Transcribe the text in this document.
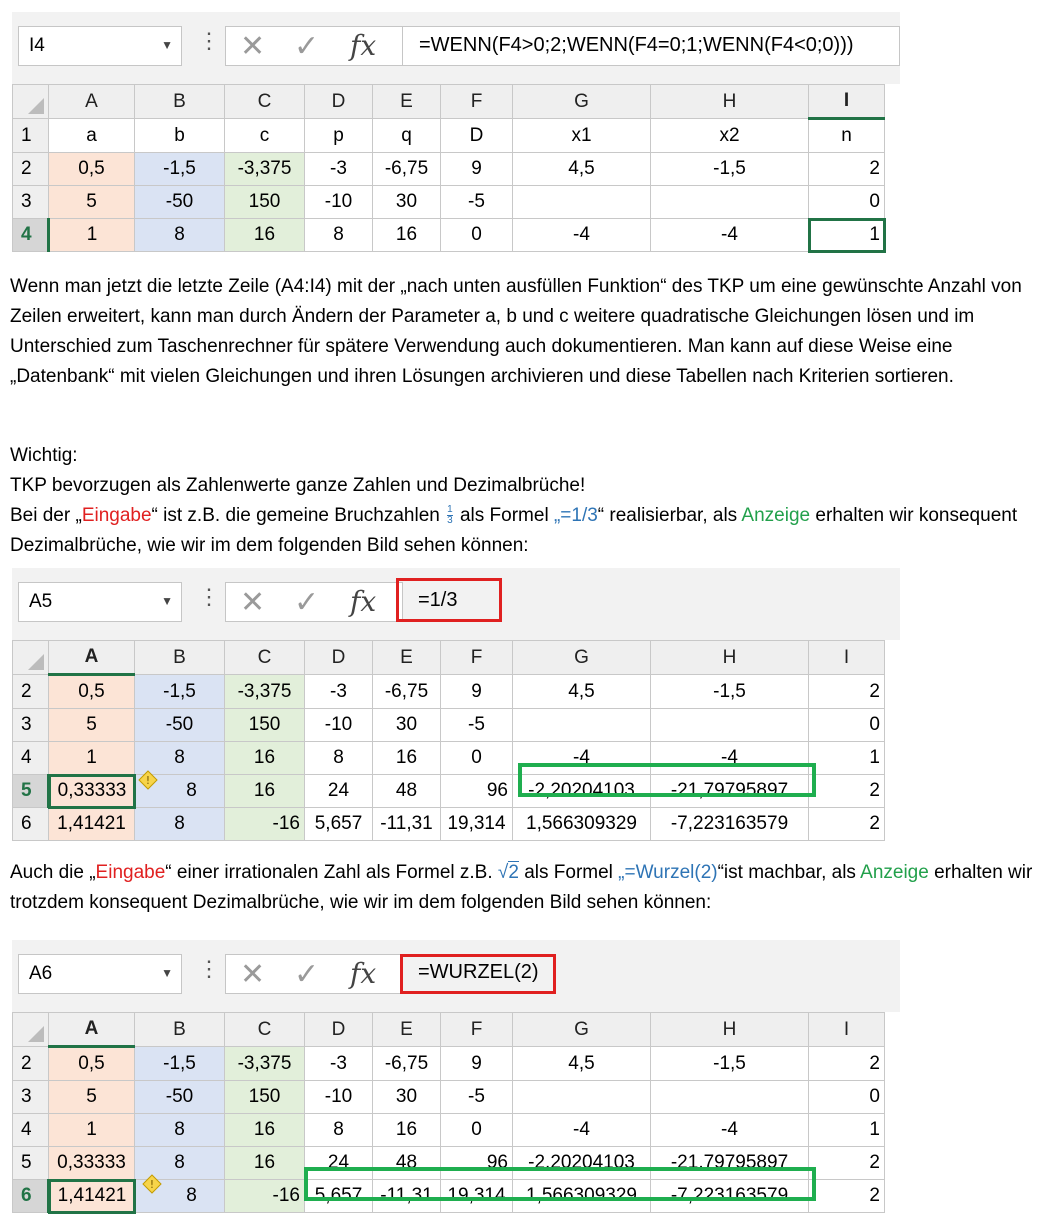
I4	▼ ⋮ ✕ ✓ fx =WENN(F4>0;2;WENN(F4=0;1;WENN(F4<0;0)))
	A	B	C	D	E	F	G	H	I
1	a	b	c	p	q	D	x1	x2	n
2	0,5	-1,5	-3,375	-3	-6,75	9	4,5	-1,5	2
3	5	-50	150	-10	30	-5			0
4	1	8	16	8	16	0	-4	-4	1
Wenn man jetzt die letzte Zeile (A4:I4) mit der „nach unten ausfüllen Funktion“ des TKP um eine gewünschte Anzahl von Zeilen erweitert, kann man durch Ändern der Parameter a, b und c weitere quadratische Gleichungen lösen und im Unterschied zum Taschenrechner für spätere Verwendung auch dokumentieren. Man kann auf diese Weise eine „Datenbank“ mit vielen Gleichungen und ihren Lösungen archivieren und diese Tabellen nach Kriterien sortieren.
Wichtig:
TKP bevorzugen als Zahlenwerte ganze Zahlen und Dezimalbrüche!
Bei der „Eingabe“ ist z.B. die gemeine Bruchzahlen $\frac{1}{3}$ als Formel „=1/3“ realisierbar, als Anzeige erhalten wir konsequent Dezimalbrüche, wie wir im dem folgenden Bild sehen können:
A5	▼ ⋮ ✕ ✓ fx =1/3
	A	B	C	D	E	F	G	H	I
2	0,5	-1,5	-3,375	-3	-6,75	9	4,5	-1,5	2
3	5	-50	150	-10	30	-5			0
4	1	8	16	8	16	0	-4	-4	1
5	0,33333	8	16	24	48	96	-2,20204103	-21,79795897	2
6	1,41421	8	-16	5,657	-11,31	19,314	1,566309329	-7,223163579	2
!
Auch die „Eingabe“ einer irrationalen Zahl als Formel z.B. √2 als Formel „=Wurzel(2)“ist machbar, als Anzeige erhalten wir trotzdem konsequent Dezimalbrüche, wie wir im dem folgenden Bild sehen können:
A6	▼ ⋮ ✕ ✓ fx =WURZEL(2)
	A	B	C	D	E	F	G	H	I
2	0,5	-1,5	-3,375	-3	-6,75	9	4,5	-1,5	2
3	5	-50	150	-10	30	-5			0
4	1	8	16	8	16	0	-4	-4	1
5	0,33333	8	16	24	48	96	-2,20204103	-21,79795897	2
6	1,41421	8	-16	5,657	-11,31	19,314	1,566309329	-7,223163579	2
!
